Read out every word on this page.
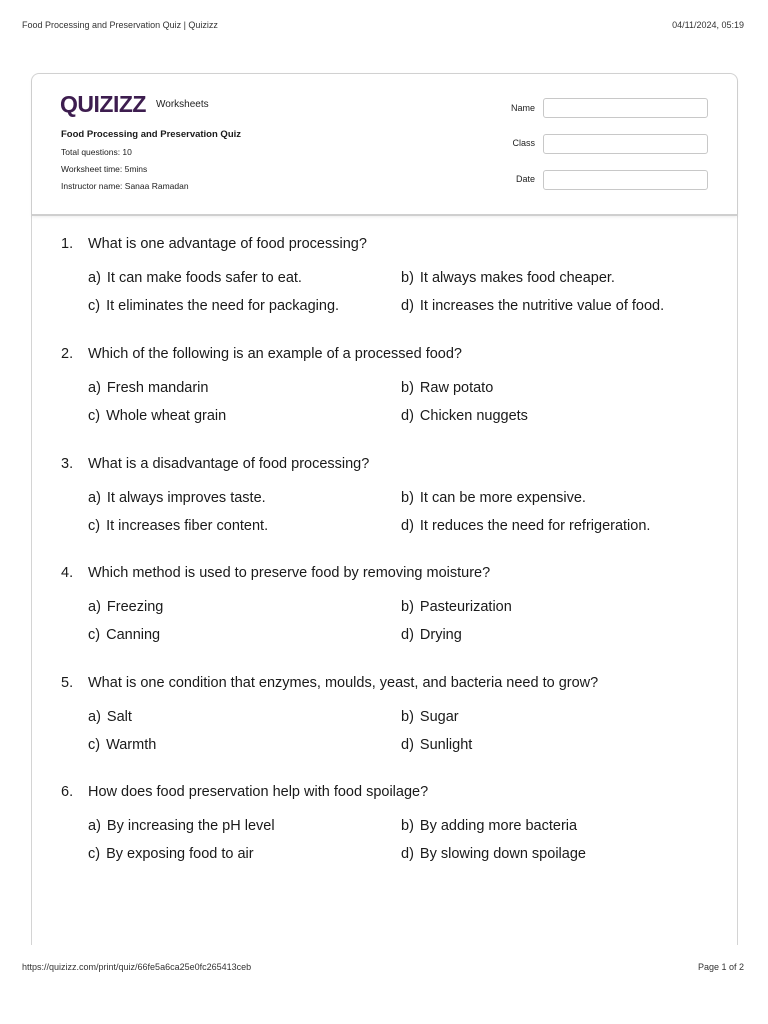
Food Processing and Preservation Quiz | Quizizz	04/11/2024, 05:19
QUIZIZZ Worksheets
Food Processing and Preservation Quiz
Total questions: 10
Worksheet time: 5mins
Instructor name: Sanaa Ramadan
Name
Class
Date
1. What is one advantage of food processing?
a) It can make foods safer to eat.	b) It always makes food cheaper.
c) It eliminates the need for packaging.	d) It increases the nutritive value of food.
2. Which of the following is an example of a processed food?
a) Fresh mandarin	b) Raw potato
c) Whole wheat grain	d) Chicken nuggets
3. What is a disadvantage of food processing?
a) It always improves taste.	b) It can be more expensive.
c) It increases fiber content.	d) It reduces the need for refrigeration.
4. Which method is used to preserve food by removing moisture?
a) Freezing	b) Pasteurization
c) Canning	d) Drying
5. What is one condition that enzymes, moulds, yeast, and bacteria need to grow?
a) Salt	b) Sugar
c) Warmth	d) Sunlight
6. How does food preservation help with food spoilage?
a) By increasing the pH level	b) By adding more bacteria
c) By exposing food to air	d) By slowing down spoilage
https://quizizz.com/print/quiz/66fe5a6ca25e0fc265413ceb	Page 1 of 2
